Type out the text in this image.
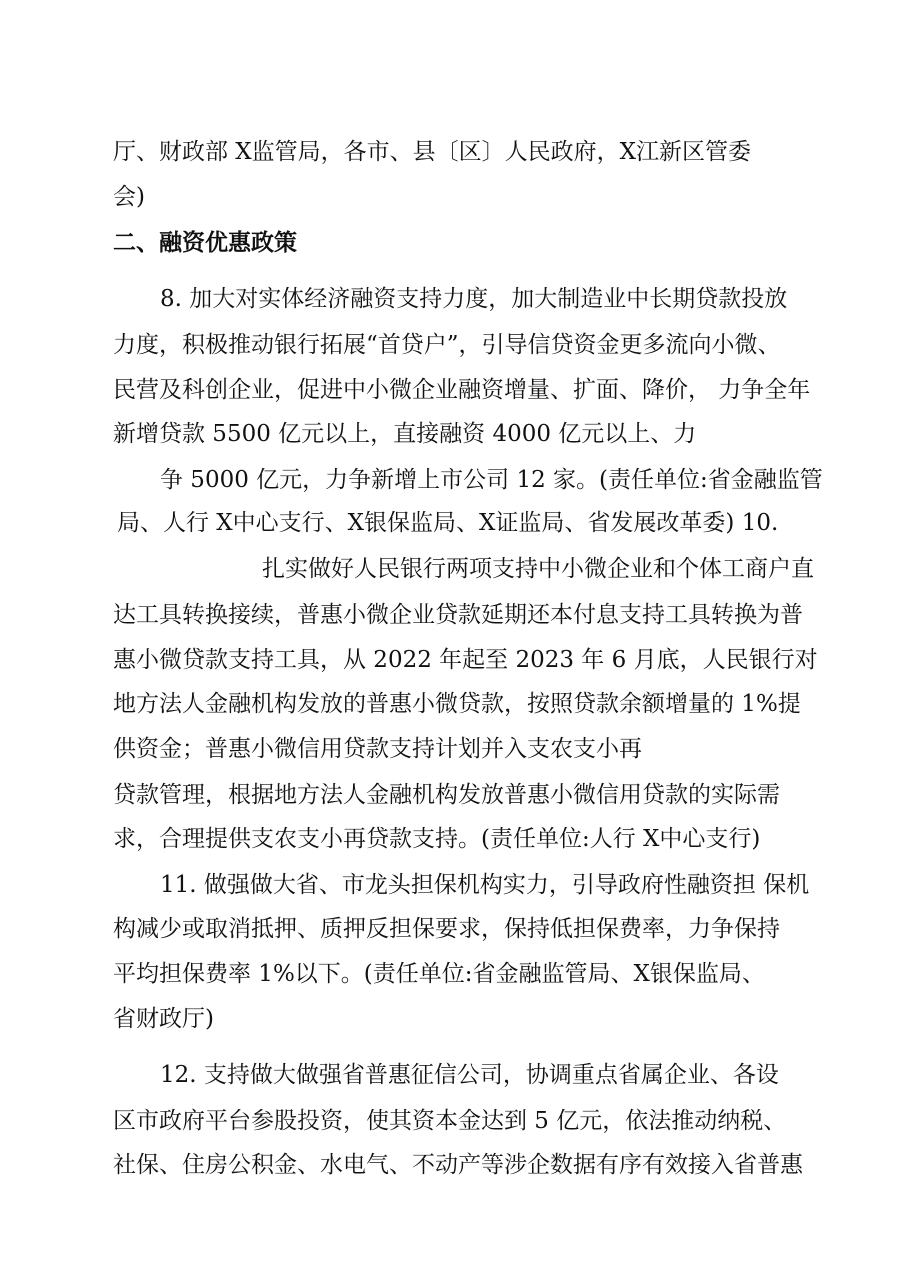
厅、财政部 X监管局，各市、县〔区〕人民政府，X江新区管委
会)
二、融资优惠政策
8. 加大对实体经济融资支持力度，加大制造业中长期贷款投放
力度，积极推动银行拓展“首贷户”，引导信贷资金更多流向小微、
民营及科创企业，促进中小微企业融资增量、扩面、降价， 力争全年
新增贷款 5500 亿元以上，直接融资 4000 亿元以上、力
争 5000 亿元，力争新增上市公司 12 家。(责任单位:省金融监管
局、人行 X中心支行、X银保监局、X证监局、省发展改革委) 10.
扎实做好人民银行两项支持中小微企业和个体工商户直
达工具转换接续，普惠小微企业贷款延期还本付息支持工具转换为普
惠小微贷款支持工具，从 2022 年起至 2023 年 6 月底，人民银行对
地方法人金融机构发放的普惠小微贷款，按照贷款余额增量的 1%提
供资金；普惠小微信用贷款支持计划并入支农支小再
贷款管理，根据地方法人金融机构发放普惠小微信用贷款的实际需
求，合理提供支农支小再贷款支持。(责任单位:人行 X中心支行)
11. 做强做大省、市龙头担保机构实力，引导政府性融资担 保机
构减少或取消抵押、质押反担保要求，保持低担保费率，力争保持
平均担保费率 1%以下。(责任单位:省金融监管局、X银保监局、
省财政厅)
12. 支持做大做强省普惠征信公司，协调重点省属企业、各设
区市政府平台参股投资，使其资本金达到 5 亿元，依法推动纳税、
社保、住房公积金、水电气、不动产等涉企数据有序有效接入省普惠
